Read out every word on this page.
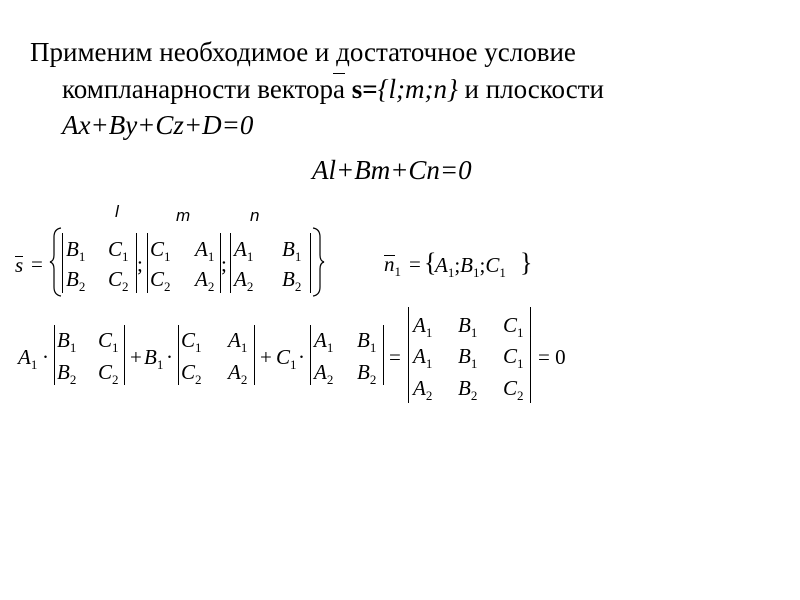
Применим необходимое и достаточное условие
компланарности вектора s={l;m;n} и плоскости
Ax+By+Cz+D=0
Al+Bm+Cn=0
l	m	n
s =
$B_1$ $C_1$
$B_2$ $C_2$
;
$C_1$ $A_1$
$C_2$ $A_2$
;
$A_1$ $B_1$
$A_2$ $B_2$
$n_1$ = {
$A_1;B_1;C_1$ }
$A_1$ ·
$B_1$ $C_1$
$B_2$ $C_2$
+ $B_1$ ·
$C_1$ $A_1$
$C_2$ $A_2$
+ $C_1$ ·
$A_1$ $B_1$
$A_2$ $B_2$
=
$A_1$ $B_1$ $C_1$
$A_1$ $B_1$ $C_1$
$A_2$ $B_2$ $C_2$
= 0
